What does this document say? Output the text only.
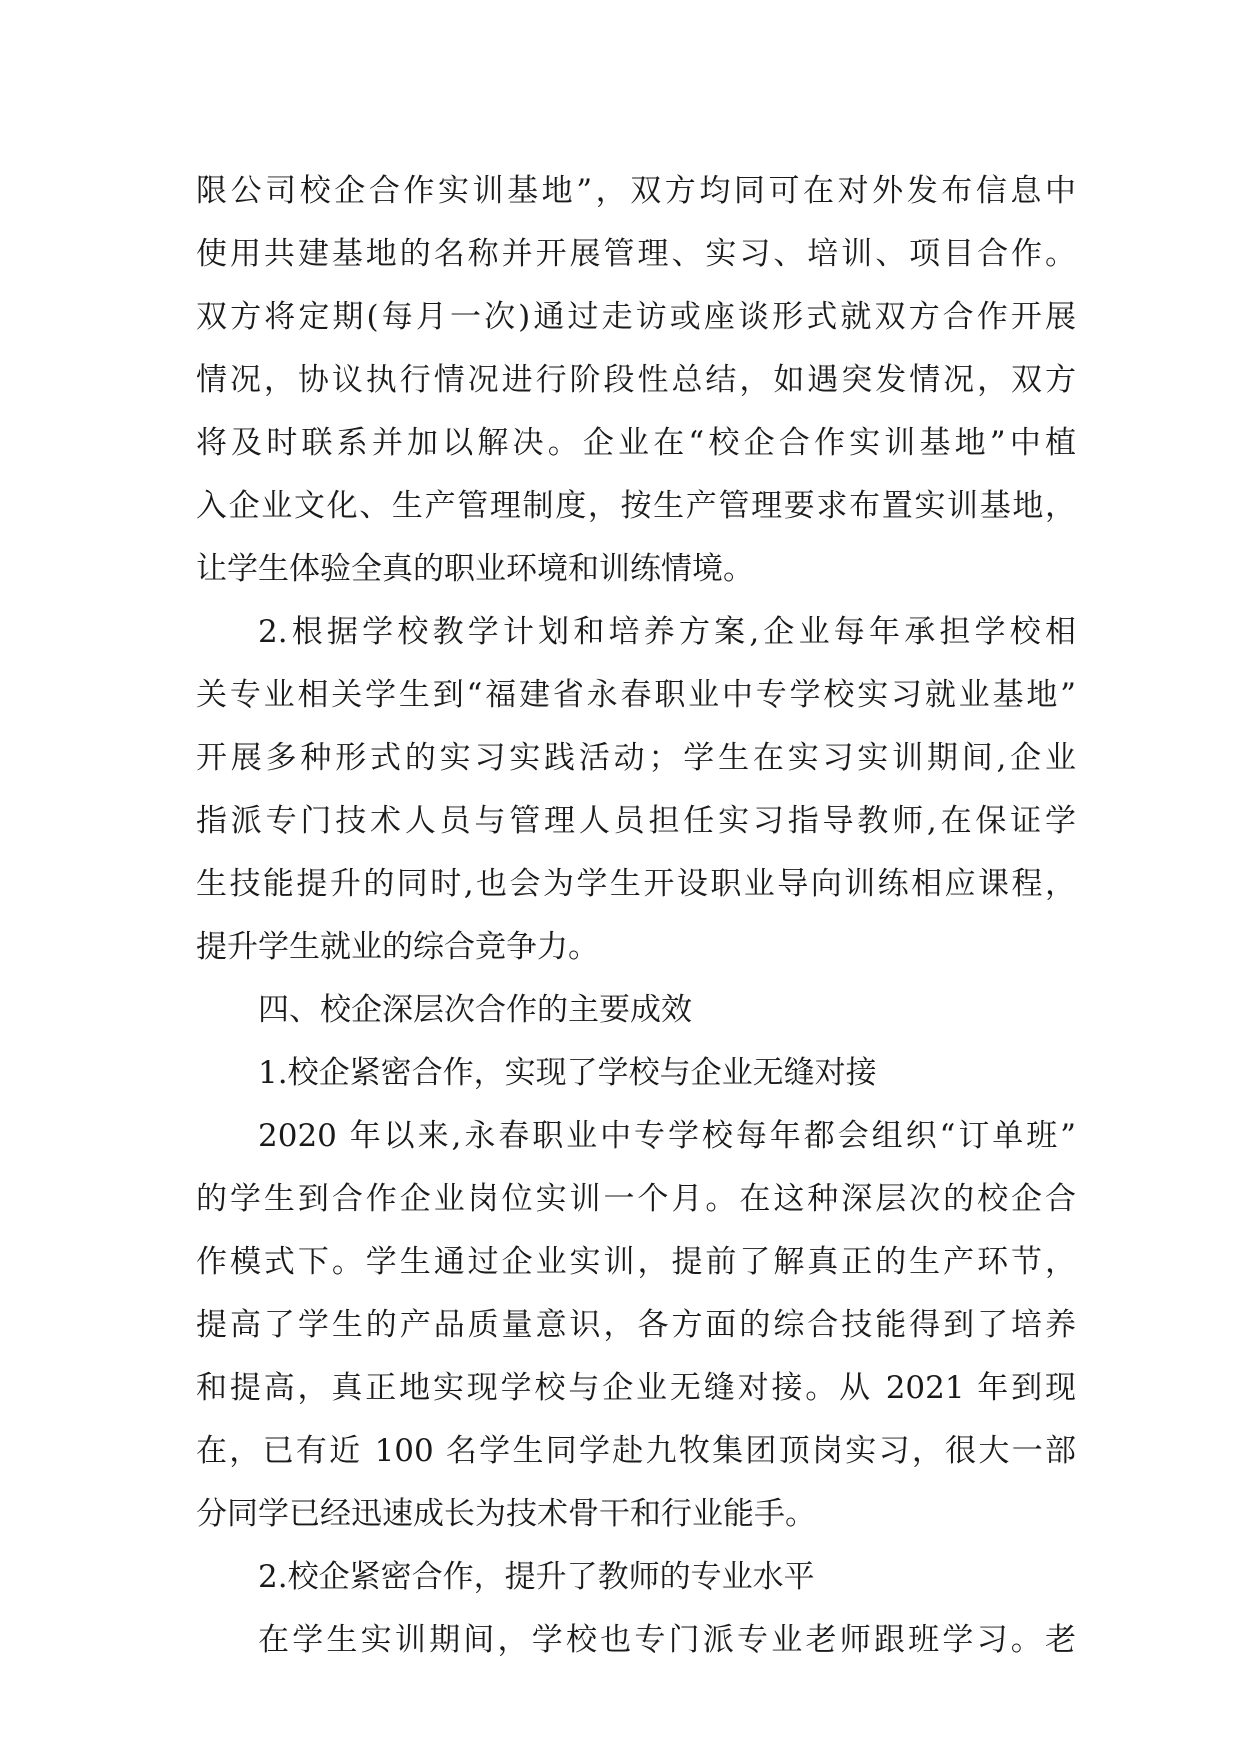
限公司校企合作实训基地”，双方均同可在对外发布信息中
使用共建基地的名称并开展管理、实习、培训、项目合作。
双方将定期(每月一次)通过走访或座谈形式就双方合作开展
情况，协议执行情况进行阶段性总结，如遇突发情况，双方
将及时联系并加以解决。企业在“校企合作实训基地”中植
入企业文化、生产管理制度，按生产管理要求布置实训基地，
让学生体验全真的职业环境和训练情境。
2.根据学校教学计划和培养方案,企业每年承担学校相
关专业相关学生到“福建省永春职业中专学校实习就业基地”
开展多种形式的实习实践活动；学生在实习实训期间,企业
指派专门技术人员与管理人员担任实习指导教师,在保证学
生技能提升的同时,也会为学生开设职业导向训练相应课程，
提升学生就业的综合竞争力。
四、校企深层次合作的主要成效
1.校企紧密合作，实现了学校与企业无缝对接
2020 年以来,永春职业中专学校每年都会组织“订单班”
的学生到合作企业岗位实训一个月。在这种深层次的校企合
作模式下。学生通过企业实训，提前了解真正的生产环节，
提高了学生的产品质量意识，各方面的综合技能得到了培养
和提高，真正地实现学校与企业无缝对接。从 2021 年到现
在，已有近 100 名学生同学赴九牧集团顶岗实习，很大一部
分同学已经迅速成长为技术骨干和行业能手。
2.校企紧密合作，提升了教师的专业水平
在学生实训期间，学校也专门派专业老师跟班学习。老
